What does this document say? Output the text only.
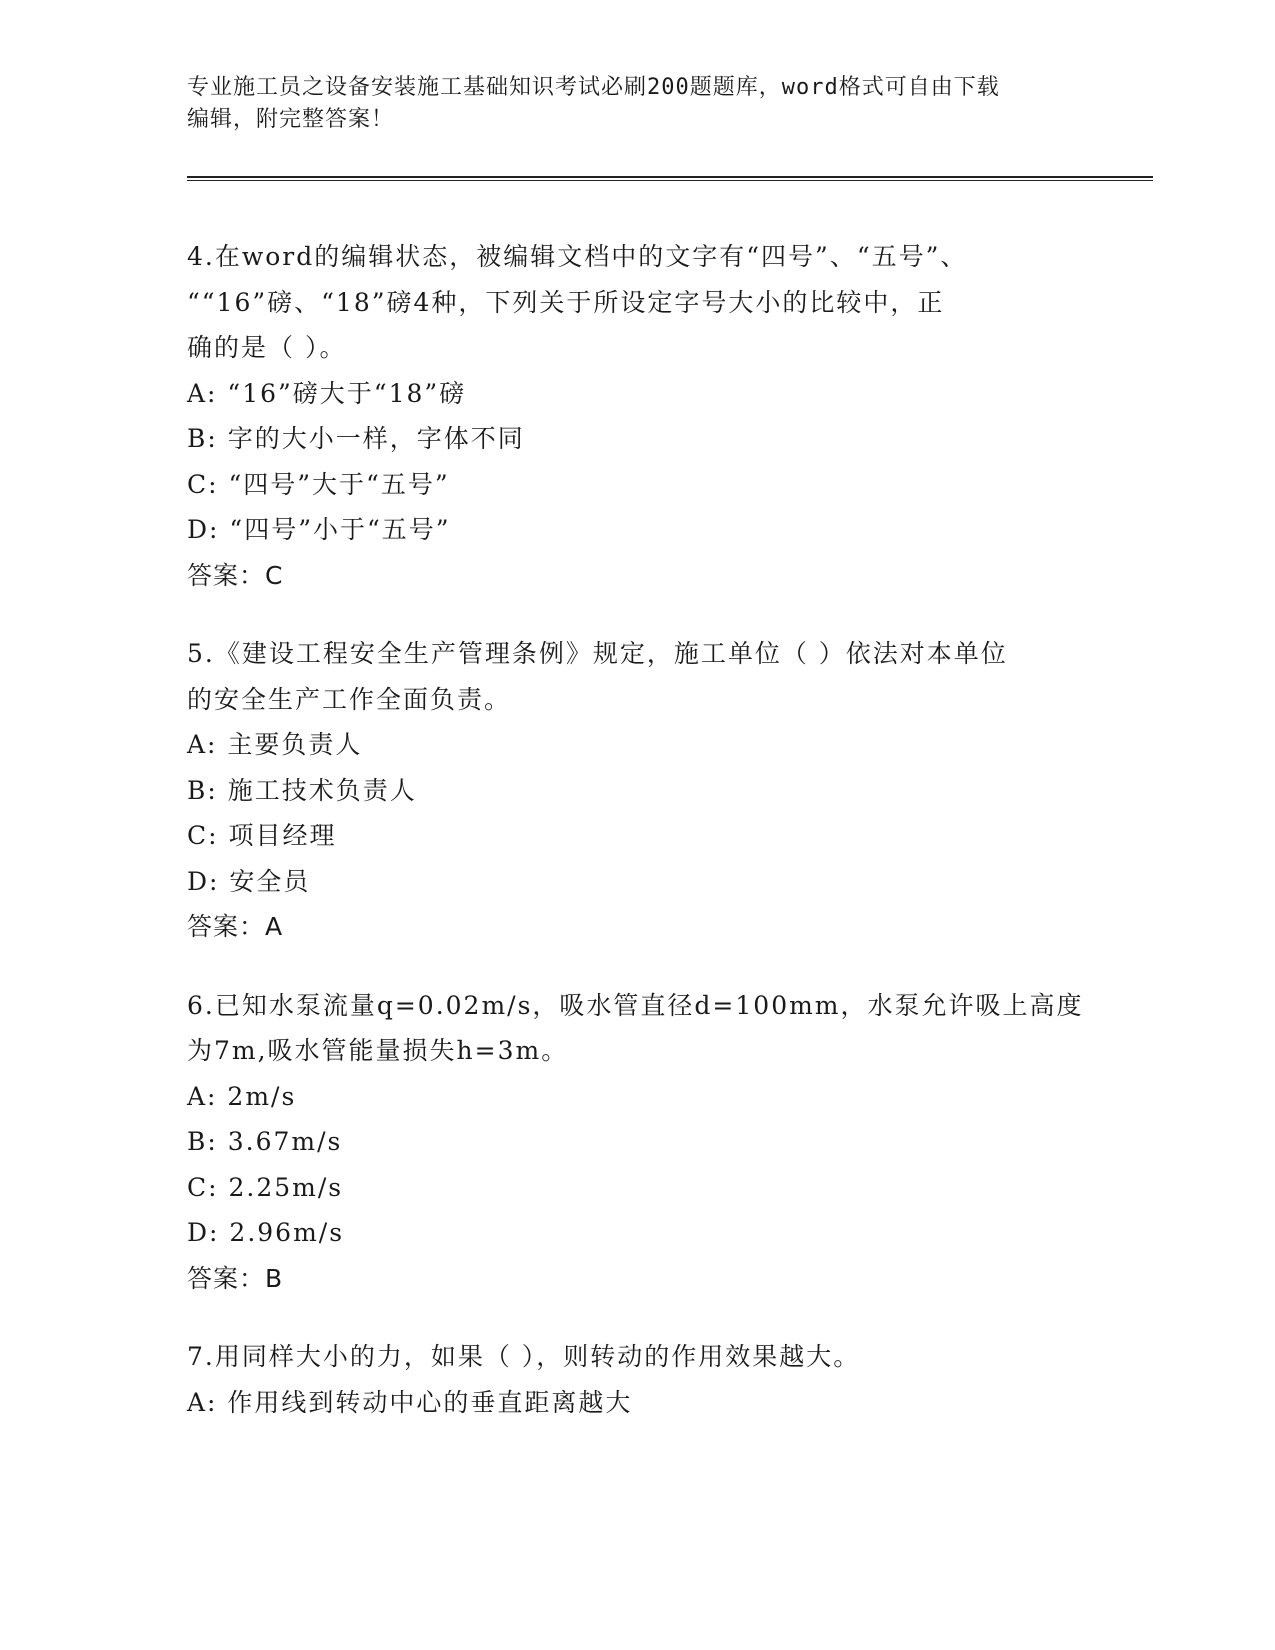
专业施工员之设备安装施工基础知识考试必刷200题题库，word格式可自由下载
编辑，附完整答案！

4.在word的编辑状态，被编辑文档中的文字有“四号”、“五号”、

““16”磅、“18”磅4种，下列关于所设定字号大小的比较中，正

确的是（ ）。

A: “16”磅大于“18”磅

B: 字的大小一样，字体不同

C: “四号”大于“五号”

D: “四号”小于“五号”

答案：C

5.《建设工程安全生产管理条例》规定，施工单位（ ）依法对本单位

的安全生产工作全面负责。

A: 主要负责人

B: 施工技术负责人

C: 项目经理

D: 安全员

答案：A

6.已知水泵流量q=0.02m/s，吸水管直径d=100mm，水泵允许吸上高度

为7m,吸水管能量损失h=3m。

A: 2m/s

B: 3.67m/s

C: 2.25m/s

D: 2.96m/s

答案：B

7.用同样大小的力，如果（ ），则转动的作用效果越大。

A: 作用线到转动中心的垂直距离越大
